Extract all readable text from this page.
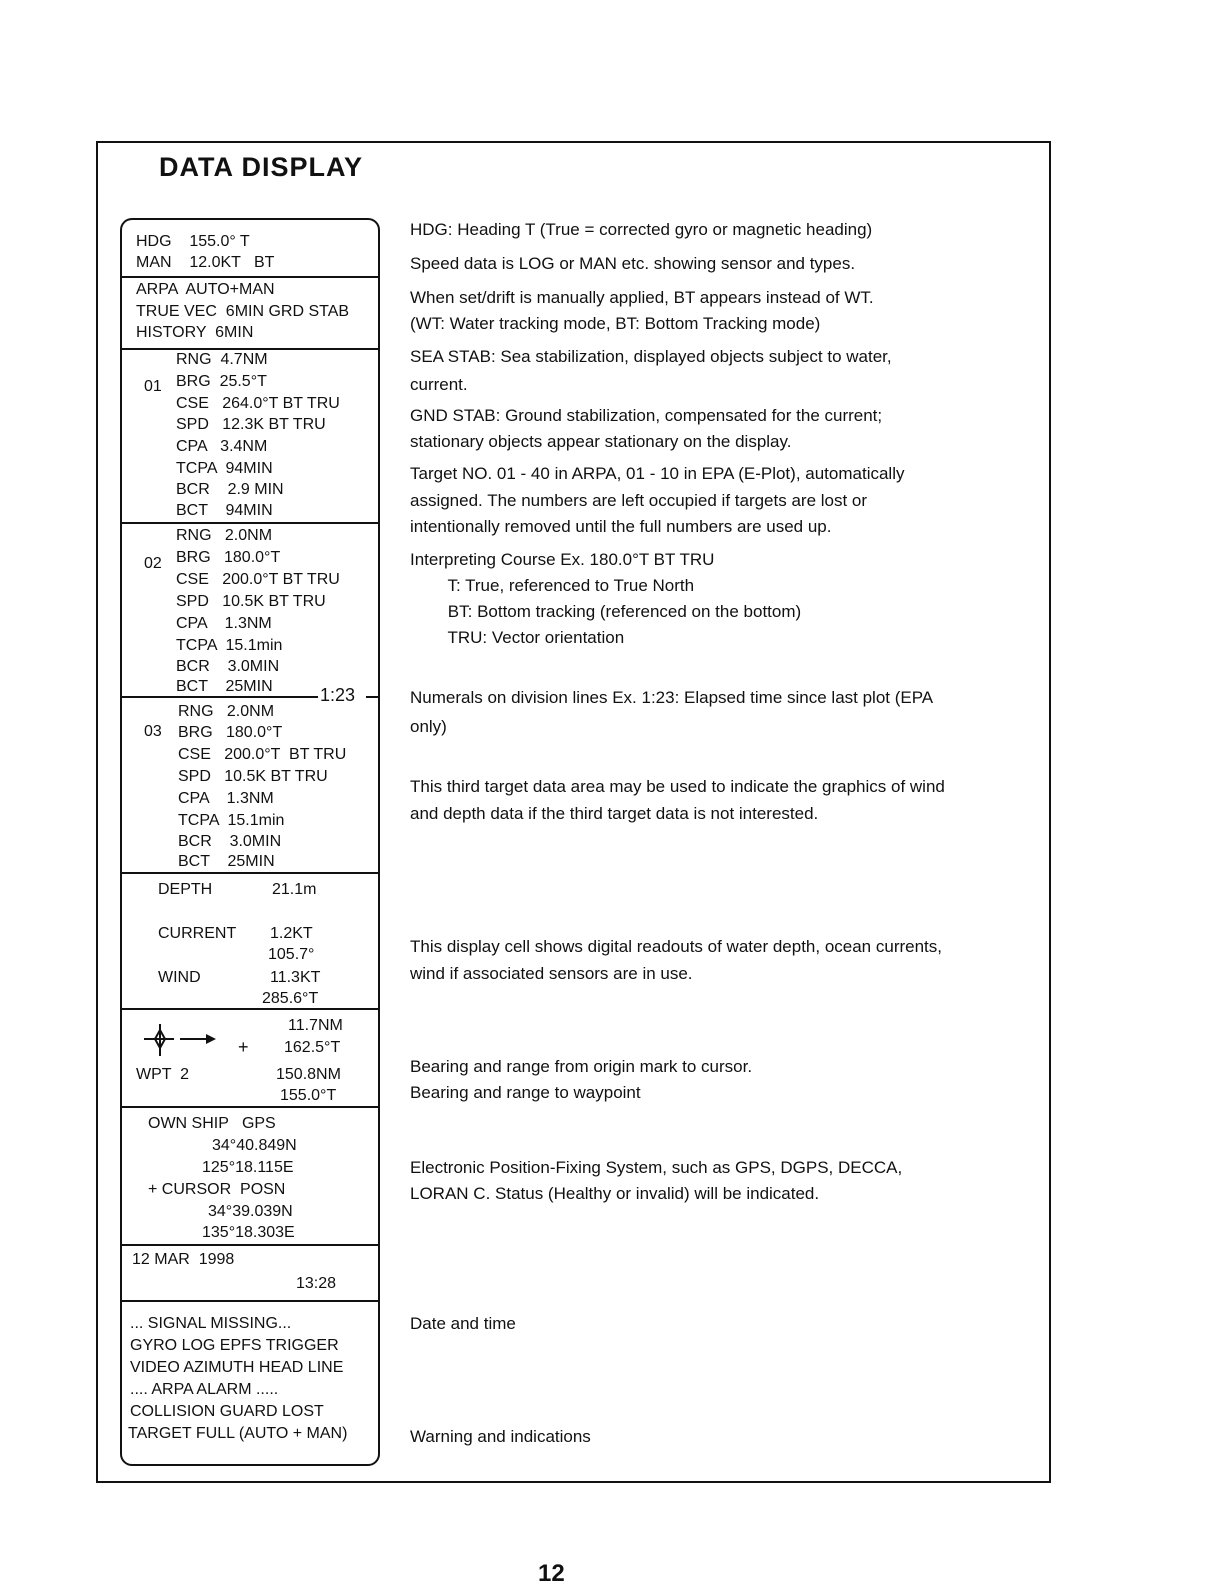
DATA DISPLAY
HDG    155.0° T
MAN    12.0KT   BT
ARPA  AUTO+MAN
TRUE VEC  6MIN GRD STAB
HISTORY  6MIN
01
RNG  4.7NM
BRG  25.5°T
CSE   264.0°T BT TRU
SPD   12.3K BT TRU
CPA   3.4NM
TCPA  94MIN
BCR    2.9 MIN
BCT    94MIN
02
RNG   2.0NM
BRG   180.0°T
CSE   200.0°T BT TRU
SPD   10.5K BT TRU
CPA    1.3NM
TCPA  15.1min
BCR    3.0MIN
BCT    25MIN	1:23
03
RNG   2.0NM
BRG   180.0°T
CSE   200.0°T  BT TRU
SPD   10.5K BT TRU
CPA    1.3NM
TCPA  15.1min
BCR    3.0MIN
BCT    25MIN
DEPTH	21.1m
CURRENT 1.2KT
105.7°
WIND	11.3KT
285.6°T
+
11.7NM
162.5°T
WPT  2	150.8NM
155.0°T
OWN SHIP   GPS
34°40.849N
125°18.115E
+ CURSOR  POSN
34°39.039N
135°18.303E
12 MAR  1998
13:28
... SIGNAL MISSING...
GYRO LOG EPFS TRIGGER
VIDEO AZIMUTH HEAD LINE
.... ARPA ALARM .....
COLLISION GUARD LOST
TARGET FULL (AUTO + MAN)
HDG: Heading T (True = corrected gyro or magnetic heading)
Speed data is LOG or MAN etc. showing sensor and types.
When set/drift is manually applied, BT appears instead of WT.
(WT: Water tracking mode, BT: Bottom Tracking mode)
SEA STAB: Sea stabilization, displayed objects subject to water,
current.
GND STAB: Ground stabilization, compensated for the current;
stationary objects appear stationary on the display.
Target NO. 01 - 40 in ARPA, 01 - 10 in EPA (E-Plot), automatically
assigned. The numbers are left occupied if targets are lost or
intentionally removed until the full numbers are used up.
Interpreting Course Ex. 180.0°T BT TRU
T: True, referenced to True North
BT: Bottom tracking (referenced on the bottom)
TRU: Vector orientation
Numerals on division lines Ex. 1:23: Elapsed time since last plot (EPA
only)
This third target data area may be used to indicate the graphics of wind
and depth data if the third target data is not interested.
This display cell shows digital readouts of water depth, ocean currents,
wind if associated sensors are in use.
Bearing and range from origin mark to cursor.
Bearing and range to waypoint
Electronic Position-Fixing System, such as GPS, DGPS, DECCA,
LORAN C. Status (Healthy or invalid) will be indicated.
Date and time
Warning and indications
12
